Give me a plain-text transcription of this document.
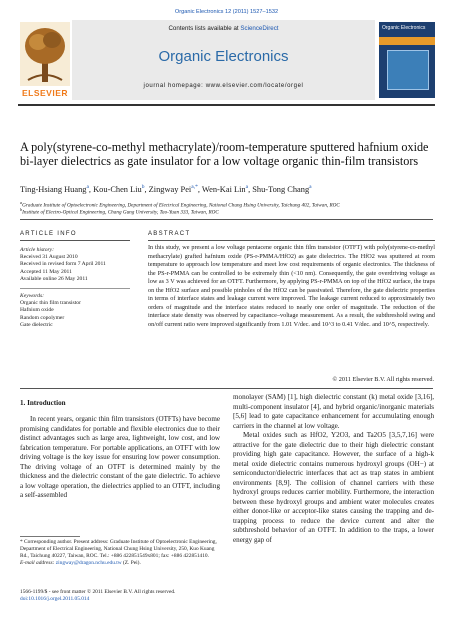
Organic Electronics 12 (2011) 1527–1532
Contents lists available at ScienceDirect
Organic Electronics
journal homepage: www.elsevier.com/locate/orgel
ELSEVIER
Organic Electronics
A poly(styrene-co-methyl methacrylate)/room-temperature sputtered hafnium oxide bi-layer dielectrics as gate insulator for a low voltage organic thin-film transistors
Ting-Hsiang Huang$^a$, Kou-Chen Liu$^b$, Zingway Pei$^{a,*}$, Wen-Kai Lin$^a$, Shu-Tong Chang$^a$
$^a$Graduate Institute of Optoelectronic Engineering, Department of Electrical Engineering, National Chung Hsing University, Taichung 402, Taiwan, ROC
$^b$Institute of Electro-Optical Engineering, Chang Gung University, Tao-Yuan 333, Taiwan, ROC
ARTICLE INFO	ABSTRACT
Article history:
Received 31 August 2010
Received in revised form 7 April 2011
Accepted 11 May 2011
Available online 26 May 2011
Keywords:
Organic thin film transistor
Hafnium oxide
Random copolymer
Gate dielectric
In this study, we present a low voltage pentacene organic thin film transistor (OTFT) with poly(styrene-co-methyl methacrylate) grafted hafnium oxide (PS-r-PMMA/HfO2) as gate dielectrics. The HfO2 was sputtered at room temperature to approach low temperature and meet low cost requirements of organic electronics. The thickness of the PS-r-PMMA can be controlled to be extremely thin (<10 nm). Consequently, the gate overdriving voltage as low as 3 V was achieved for an OTFT. Furthermore, by applying PS-r-PMMA on top of the HfO2 surface, the traps on the HfO2 surface and possible pinholes of the HfO2 can be passivated. Therefore, the gate dielectric properties in terms of interface states and leakage current were improved. The leakage current reduced to approximately two orders of magnitude and the interface states reduced to nearly one order of magnitude. The reduction of the interface state density was observed by capacitance–voltage measurement. As a result, the subthreshold swing and on/off current ratio were improved significantly from 1.01 V/dec. and 10^3 to 0.41 V/dec. and 10^5, respectively.
© 2011 Elsevier B.V. All rights reserved.
1. Introduction
In recent years, organic thin film transistors (OTFTs) have become promising candidates for portable and flexible electronics due to their distinct advantages such as large area, lightweight, low cost, and low fabrication temperature. For portable applications, an OTFT with low driving voltage is the key issue for ensuring low power consumption. The driving voltage of an OTFT is determined mainly by the thickness and the dielectric constant of the gate dielectric. To achieve a low voltage operation, the dielectrics applied to an OTFT, including a self-assembled
monolayer (SAM) [1], high dielectric constant (k) metal oxide [3,16], multi-component insulator [4], and hybrid organic/inorganic materials [5,6] lead to gate capacitance enhancement for accumulating enough carriers in the channel at low voltage.
Metal oxides such as HfO2, Y2O3, and Ta2O5 [3,5,7,16] were attractive for the gate dielectric due to their high dielectric constant providing high gate capacitance. However, the surface of a high-k metal oxide dielectric contains numerous hydroxyl groups (OH−) at semiconductor/dielectric interfaces that act as trap states in ambient environments [8,9]. The collision of channel carriers with these hydroxyl groups reduces carrier mobility. Furthermore, the interaction between these hydroxyl groups and ambient water molecules creates either donor-like or acceptor-like states causing the trapping and de-trapping process to reduce the device current and alter the subthreshold behavior of an OTFT. In addition to the traps, a lower energy gap of
* Corresponding author. Present address: Graduate Institute of Optoelectronic Engineering, Department of Electrical Engineering, National Chung Hsing University, 250, Kuo Kuang Rd., Taichung 40227, Taiwan, ROC. Tel.: +886 422851549x801; fax: +886 422851410.
E-mail address: zingway@dragon.nchu.edu.tw (Z. Pei).
1566-1199/$ - see front matter © 2011 Elsevier B.V. All rights reserved.
doi:10.1016/j.orgel.2011.05.014
